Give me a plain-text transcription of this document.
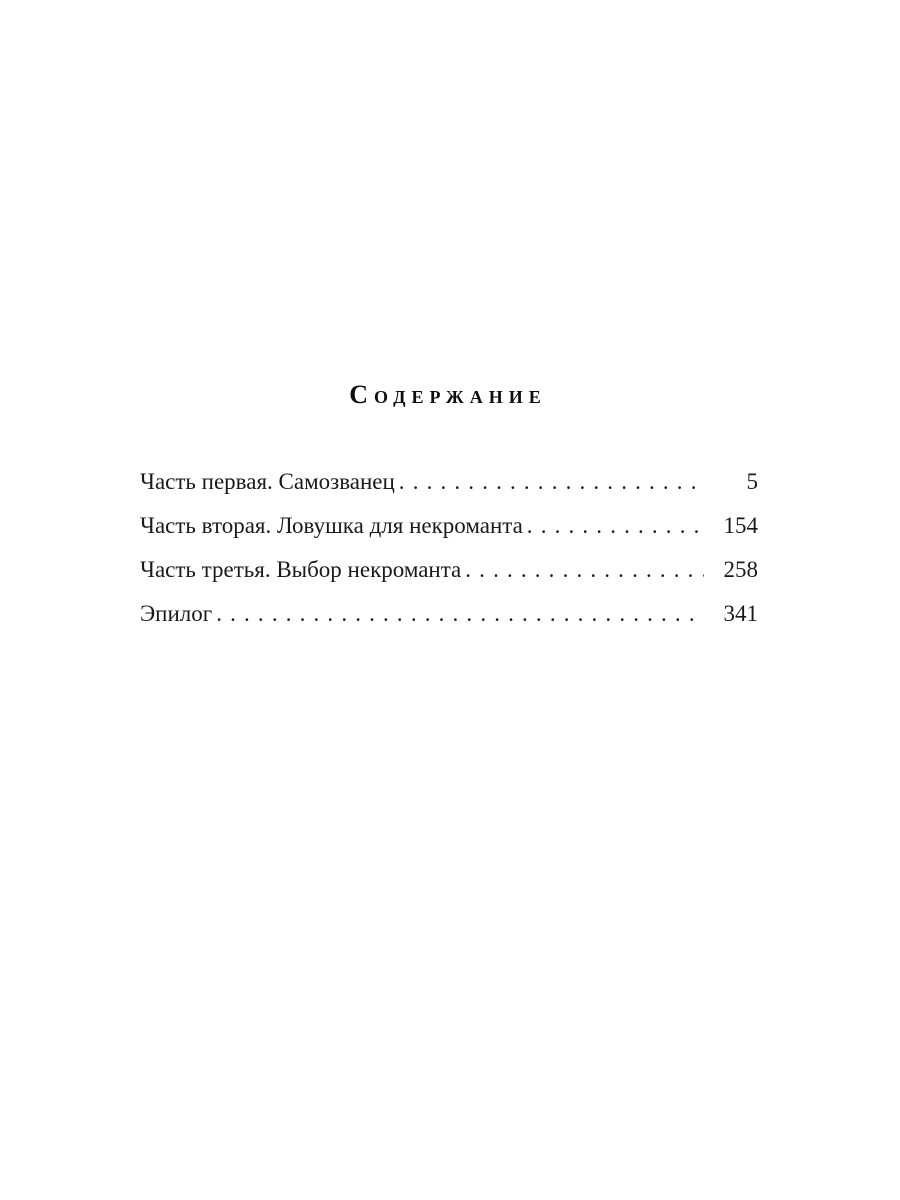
Содержание
Часть первая. Самозванец . . .	5
Часть вторая. Ловушка для некроманта . . .	154
Часть третья. Выбор некроманта . . .	258
Эпилог . . .	341
